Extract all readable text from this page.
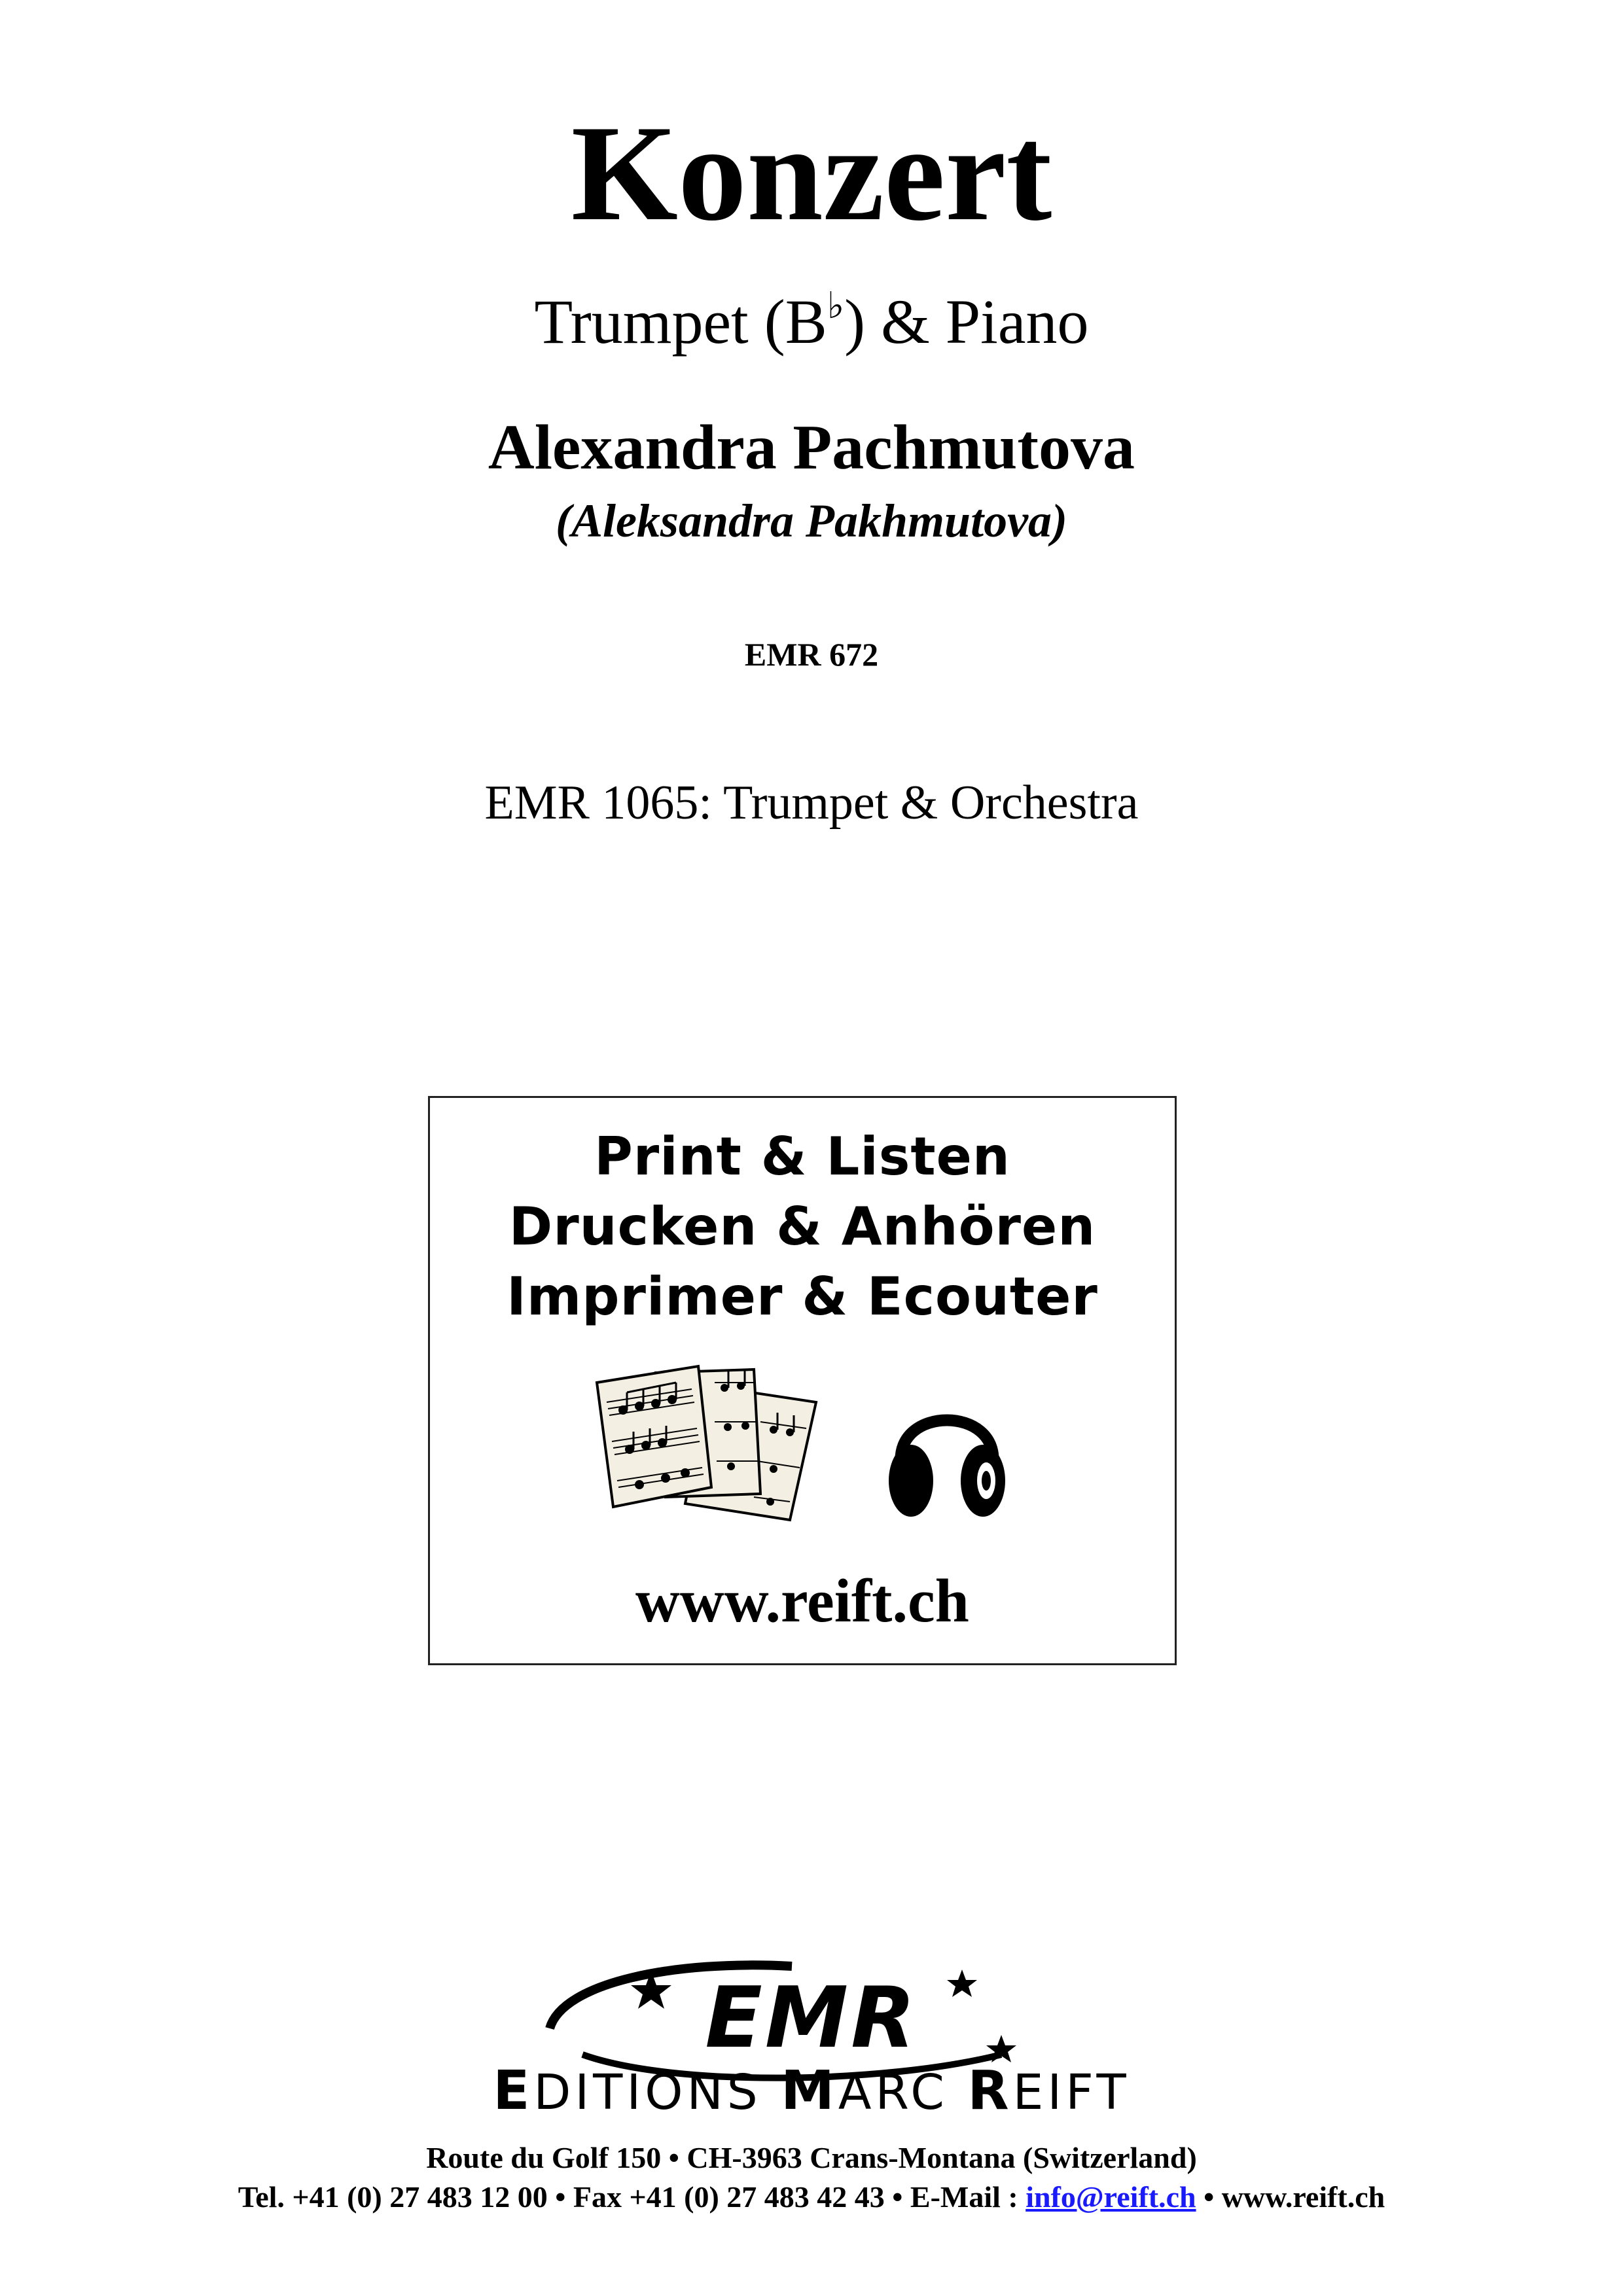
Konzert
Trumpet (B♭) & Piano
Alexandra Pachmutova
(Aleksandra Pakhmutova)
EMR 672
EMR 1065: Trumpet & Orchestra
Print & Listen
Drucken & Anhören
Imprimer & Ecouter
www.reift.ch
EMR
EDITIONS MARC REIFT
Route du Golf 150 • CH-3963 Crans-Montana (Switzerland)
Tel. +41 (0) 27 483 12 00 • Fax +41 (0) 27 483 42 43 • E-Mail : info@reift.ch • www.reift.ch
